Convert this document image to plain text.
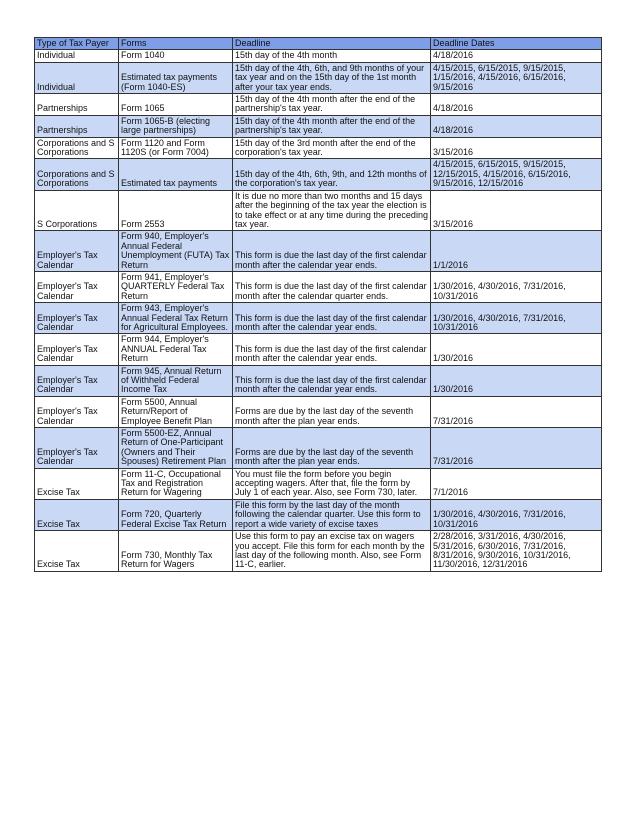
Type of Tax Payer	Forms	Deadline	Deadline Dates
Individual	Form 1040	15th day of the 4th month	4/18/2016
Individual	Estimated tax payments (Form 1040-ES)	15th day of the 4th, 6th, and 9th months of your tax year and on the 15th day of the 1st month after your tax year ends.	4/15/2015, 6/15/2015, 9/15/2015, 1/15/2016, 4/15/2016, 6/15/2016, 9/15/2016
Partnerships	Form 1065	15th day of the 4th month after the end of the partnership's tax year.	4/18/2016
Partnerships	Form 1065-B (electing large partnerships)	15th day of the 4th month after the end of the partnership's tax year.	4/18/2016
Corporations and S Corporations	Form 1120 and Form 1120S (or Form 7004)	15th day of the 3rd month after the end of the corporation's tax year.	3/15/2016
Corporations and S Corporations	Estimated tax payments	15th day of the 4th, 6th, 9th, and 12th months of the corporation's tax year.	4/15/2015, 6/15/2015, 9/15/2015, 12/15/2015, 4/15/2016, 6/15/2016, 9/15/2016, 12/15/2016
S Corporations	Form 2553	It is due no more than two months and 15 days after the beginning of the tax year the election is to take effect or at any time during the preceding tax year.	3/15/2016
Employer's Tax Calendar	Form 940, Employer's Annual Federal Unemployment (FUTA) Tax Return	This form is due the last day of the first calendar month after the calendar year ends.	1/1/2016
Employer's Tax Calendar	Form 941, Employer's QUARTERLY Federal Tax Return	This form is due the last day of the first calendar month after the calendar quarter ends.	1/30/2016, 4/30/2016, 7/31/2016, 10/31/2016
Employer's Tax Calendar	Form 943, Employer's Annual Federal Tax Return for Agricultural Employees.	This form is due the last day of the first calendar month after the calendar year ends.	1/30/2016, 4/30/2016, 7/31/2016, 10/31/2016
Employer's Tax Calendar	Form 944, Employer's ANNUAL Federal Tax Return	This form is due the last day of the first calendar month after the calendar year ends.	1/30/2016
Employer's Tax Calendar	Form 945, Annual Return of Withheld Federal Income Tax	This form is due the last day of the first calendar month after the calendar year ends.	1/30/2016
Employer's Tax Calendar	Form 5500, Annual Return/Report of Employee Benefit Plan	Forms are due by the last day of the seventh month after the plan year ends.	7/31/2016
Employer's Tax Calendar	Form 5500-EZ, Annual Return of One-Participant (Owners and Their Spouses) Retirement Plan	Forms are due by the last day of the seventh month after the plan year ends.	7/31/2016
Excise Tax	Form 11-C, Occupational Tax and Registration Return for Wagering	You must file the form before you begin accepting wagers. After that, file the form by July 1 of each year. Also, see Form 730, later.	7/1/2016
Excise Tax	Form 720, Quarterly Federal Excise Tax Return	File this form by the last day of the month following the calendar quarter. Use this form to report a wide variety of excise taxes	1/30/2016, 4/30/2016, 7/31/2016, 10/31/2016
Excise Tax	Form 730, Monthly Tax Return for Wagers	Use this form to pay an excise tax on wagers you accept. File this form for each month by the last day of the following month. Also, see Form 11-C, earlier.	2/28/2016, 3/31/2016, 4/30/2016, 5/31/2016, 6/30/2016, 7/31/2016, 8/31/2016, 9/30/2016, 10/31/2016, 11/30/2016, 12/31/2016
